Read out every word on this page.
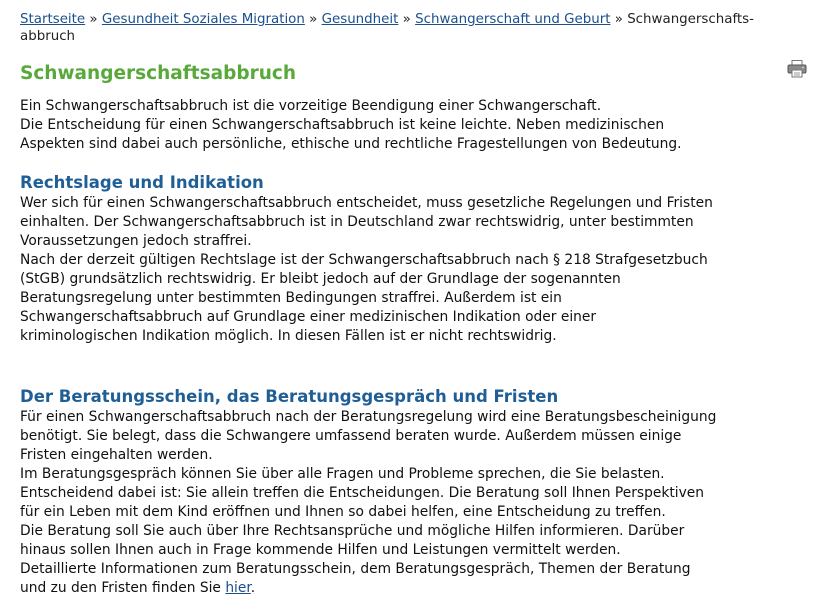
Startseite » Gesundheit Soziales Migration » Gesundheit » Schwangerschaft und Geburt » Schwangerschafts-
abbruch
Schwangerschaftsabbruch

Ein Schwangerschaftsabbruch ist die vorzeitige Beendigung einer Schwangerschaft.

Die Entscheidung für einen Schwangerschaftsabbruch ist keine leichte. Neben medizinischen

Aspekten sind dabei auch persönliche, ethische und rechtliche Fragestellungen von Bedeutung.

Rechtslage und Indikation

Wer sich für einen Schwangerschaftsabbruch entscheidet, muss gesetzliche Regelungen und Fristen

einhalten. Der Schwangerschaftsabbruch ist in Deutschland zwar rechtswidrig, unter bestimmten

Voraussetzungen jedoch straffrei.

Nach der derzeit gültigen Rechtslage ist der Schwangerschaftsabbruch nach § 218 Strafgesetzbuch

(StGB) grundsätzlich rechtswidrig. Er bleibt jedoch auf der Grundlage der sogenannten

Beratungsregelung unter bestimmten Bedingungen straffrei. Außerdem ist ein

Schwangerschaftsabbruch auf Grundlage einer medizinischen Indikation oder einer

kriminologischen Indikation möglich. In diesen Fällen ist er nicht rechtswidrig.

Der Beratungsschein, das Beratungsgespräch und Fristen

Für einen Schwangerschaftsabbruch nach der Beratungsregelung wird eine Beratungsbescheinigung

benötigt. Sie belegt, dass die Schwangere umfassend beraten wurde. Außerdem müssen einige

Fristen eingehalten werden.

Im Beratungsgespräch können Sie über alle Fragen und Probleme sprechen, die Sie belasten.

Entscheidend dabei ist: Sie allein treffen die Entscheidungen. Die Beratung soll Ihnen Perspektiven

für ein Leben mit dem Kind eröffnen und Ihnen so dabei helfen, eine Entscheidung zu treffen.

Die Beratung soll Sie auch über Ihre Rechtsansprüche und mögliche Hilfen informieren. Darüber

hinaus sollen Ihnen auch in Frage kommende Hilfen und Leistungen vermittelt werden.

Detaillierte Informationen zum Beratungsschein, dem Beratungsgespräch, Themen der Beratung

und zu den Fristen finden Sie hier.
